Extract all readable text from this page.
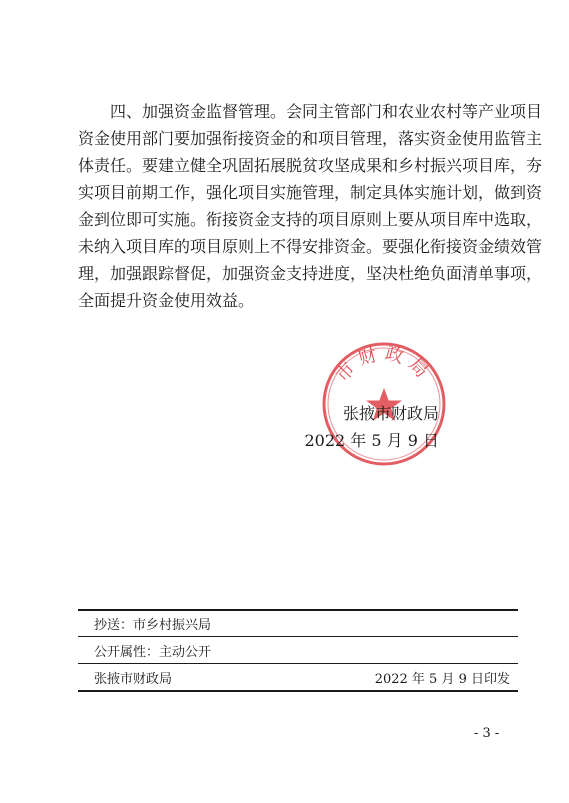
　　四、加强资金监督管理。会同主管部门和农业农村等产业项目
资金使用部门要加强衔接资金的和项目管理，落实资金使用监管主
体责任。要建立健全巩固拓展脱贫攻坚成果和乡村振兴项目库，夯
实项目前期工作，强化项目实施管理，制定具体实施计划，做到资
金到位即可实施。衔接资金支持的项目原则上要从项目库中选取，
未纳入项目库的项目原则上不得安排资金。要强化衔接资金绩效管
理，加强跟踪督促，加强资金支持进度，坚决杜绝负面清单事项，
全面提升资金使用效益。
市财政局
张掖市财政局
2022 年 5 月 9 日
抄送：市乡村振兴局
公开属性：主动公开
张掖市财政局	2022 年 5 月 9 日印发
- 3 -
